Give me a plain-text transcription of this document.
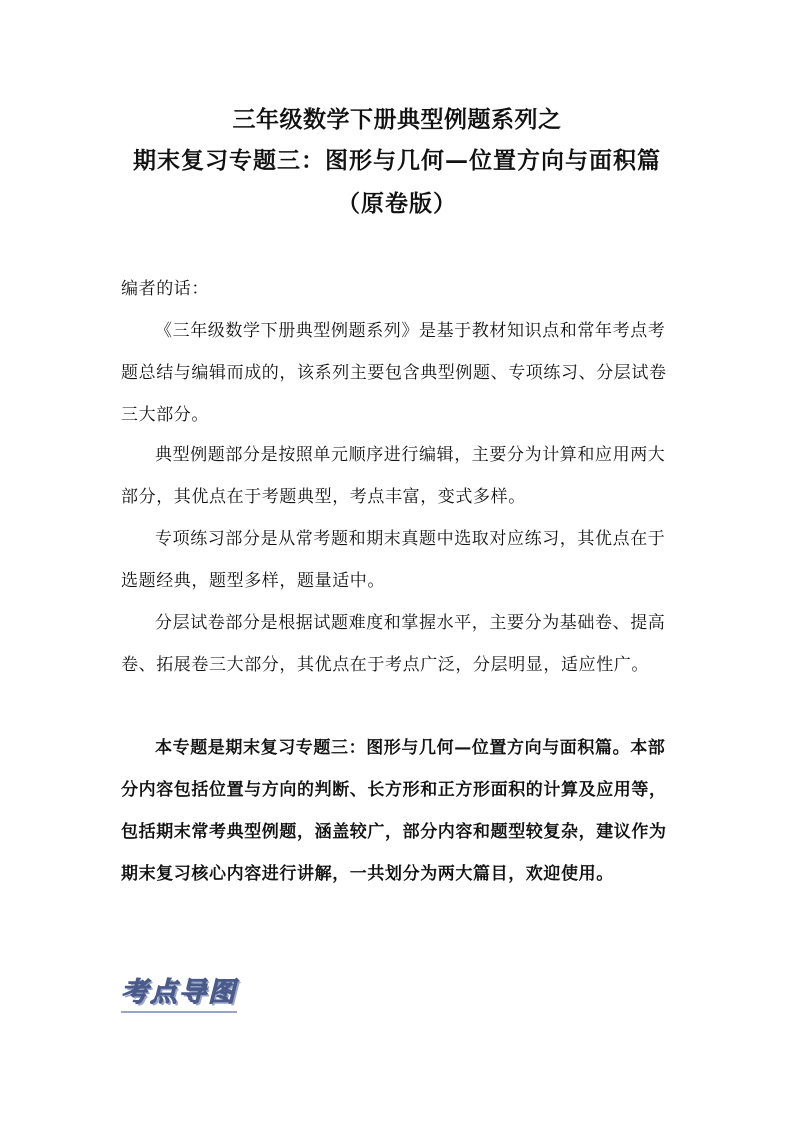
三年级数学下册典型例题系列之
期末复习专题三：图形与几何—位置方向与面积篇
（原卷版）
编者的话：

《三年级数学下册典型例题系列》是基于教材知识点和常年考点考题总结与编辑而成的，该系列主要包含典型例题、专项练习、分层试卷三大部分。

典型例题部分是按照单元顺序进行编辑，主要分为计算和应用两大部分，其优点在于考题典型，考点丰富，变式多样。

专项练习部分是从常考题和期末真题中选取对应练习，其优点在于选题经典，题型多样，题量适中。

分层试卷部分是根据试题难度和掌握水平，主要分为基础卷、提高卷、拓展卷三大部分，其优点在于考点广泛，分层明显，适应性广。

本专题是期末复习专题三：图形与几何—位置方向与面积篇。本部分内容包括位置与方向的判断、长方形和正方形面积的计算及应用等，包括期末常考典型例题，涵盖较广，部分内容和题型较复杂，建议作为期末复习核心内容进行讲解，一共划分为两大篇目，欢迎使用。

考点导图
